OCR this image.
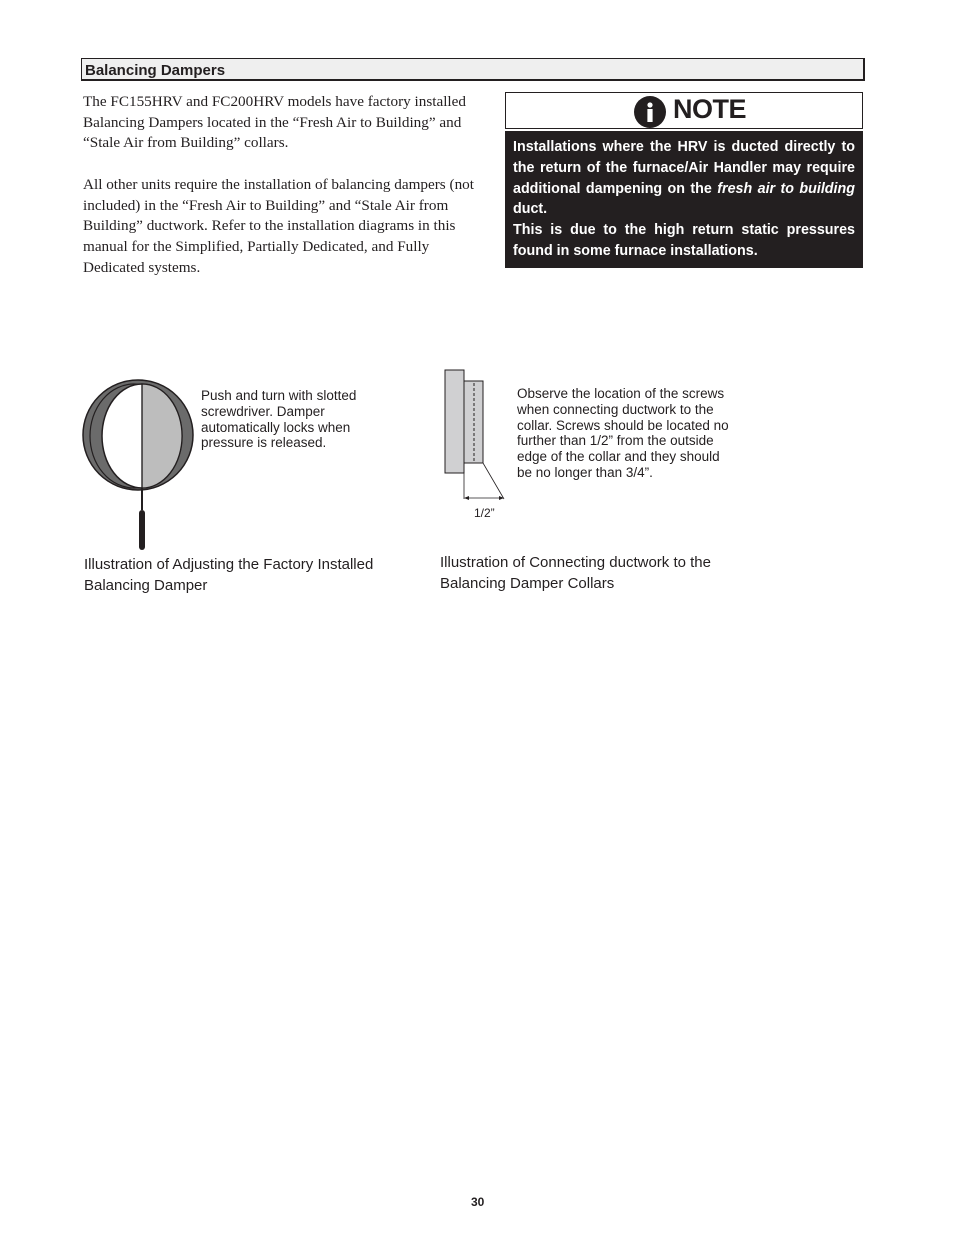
Balancing Dampers

The FC155HRV and FC200HRV models have factory installed
Balancing Dampers located in the “Fresh Air to Building” and
“Stale Air from Building” collars.

All other units require the installation of balancing dampers (not
included) in the “Fresh Air to Building” and “Stale Air from
Building” ductwork. Refer to the installation diagrams in this
manual for the Simplified, Partially Dedicated, and Fully
Dedicated systems.

NOTE

Installations where the HRV is ducted directly to the return of the furnace/Air Handler may require additional dampening on the fresh air to building duct.

This is due to the high return static pressures found in some furnace installations.

Push and turn with slotted
screwdriver. Damper
automatically locks when
pressure is released.

Illustration of Adjusting the Factory Installed
Balancing Damper

1/2”

Observe the location of the screws
when connecting ductwork to the
collar. Screws should be located no
further than 1/2” from the outside
edge of the collar and they should
be no longer than 3/4”.

Illustration of Connecting ductwork to the
Balancing Damper Collars

30
